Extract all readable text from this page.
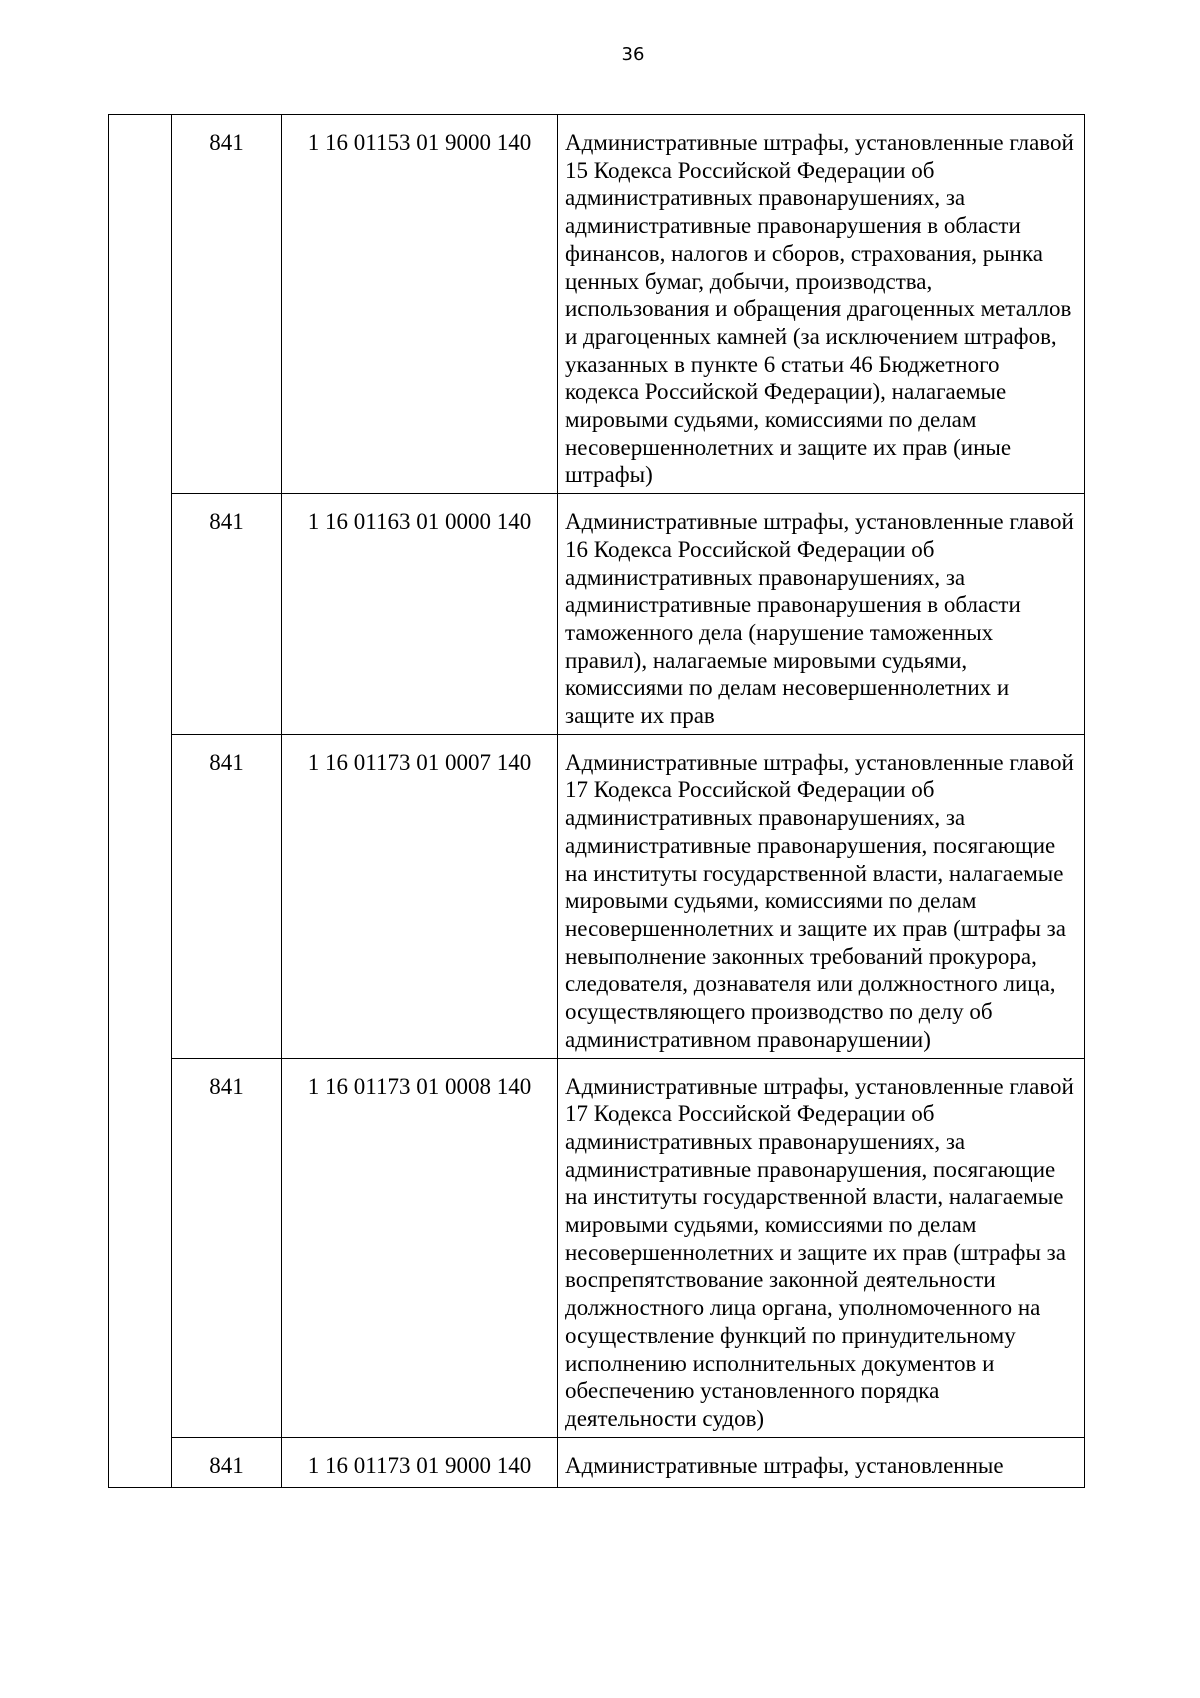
36
	841	1 16 01153 01 9000 140	Административные штрафы, установленные главой 15 Кодекса Российской Федерации об административных правонарушениях, за административные правонарушения в области финансов, налогов и сборов, страхования, рынка ценных бумаг, добычи, производства, использования и обращения драгоценных металлов и драгоценных камней (за исключением штрафов, указанных в пункте 6 статьи 46 Бюджетного кодекса Российской Федерации), налагаемые мировыми судьями, комиссиями по делам несовершеннолетних и защите их прав (иные штрафы)
	841	1 16 01163 01 0000 140	Административные штрафы, установленные главой 16 Кодекса Российской Федерации об административных правонарушениях, за административные правонарушения в области таможенного дела (нарушение таможенных правил), налагаемые мировыми судьями, комиссиями по делам несовершеннолетних и защите их прав
	841	1 16 01173 01 0007 140	Административные штрафы, установленные главой 17 Кодекса Российской Федерации об административных правонарушениях, за административные правонарушения, посягающие на институты государственной власти, налагаемые мировыми судьями, комиссиями по делам несовершеннолетних и защите их прав (штрафы за невыполнение законных требований прокурора, следователя, дознавателя или должностного лица, осуществляющего производство по делу об административном правонарушении)
	841	1 16 01173 01 0008 140	Административные штрафы, установленные главой 17 Кодекса Российской Федерации об административных правонарушениях, за административные правонарушения, посягающие на институты государственной власти, налагаемые мировыми судьями, комиссиями по делам несовершеннолетних и защите их прав (штрафы за воспрепятствование законной деятельности должностного лица органа, уполномоченного на осуществление функций по принудительному исполнению исполнительных документов и обеспечению установленного порядка деятельности судов)
	841	1 16 01173 01 9000 140	Административные штрафы, установленные
